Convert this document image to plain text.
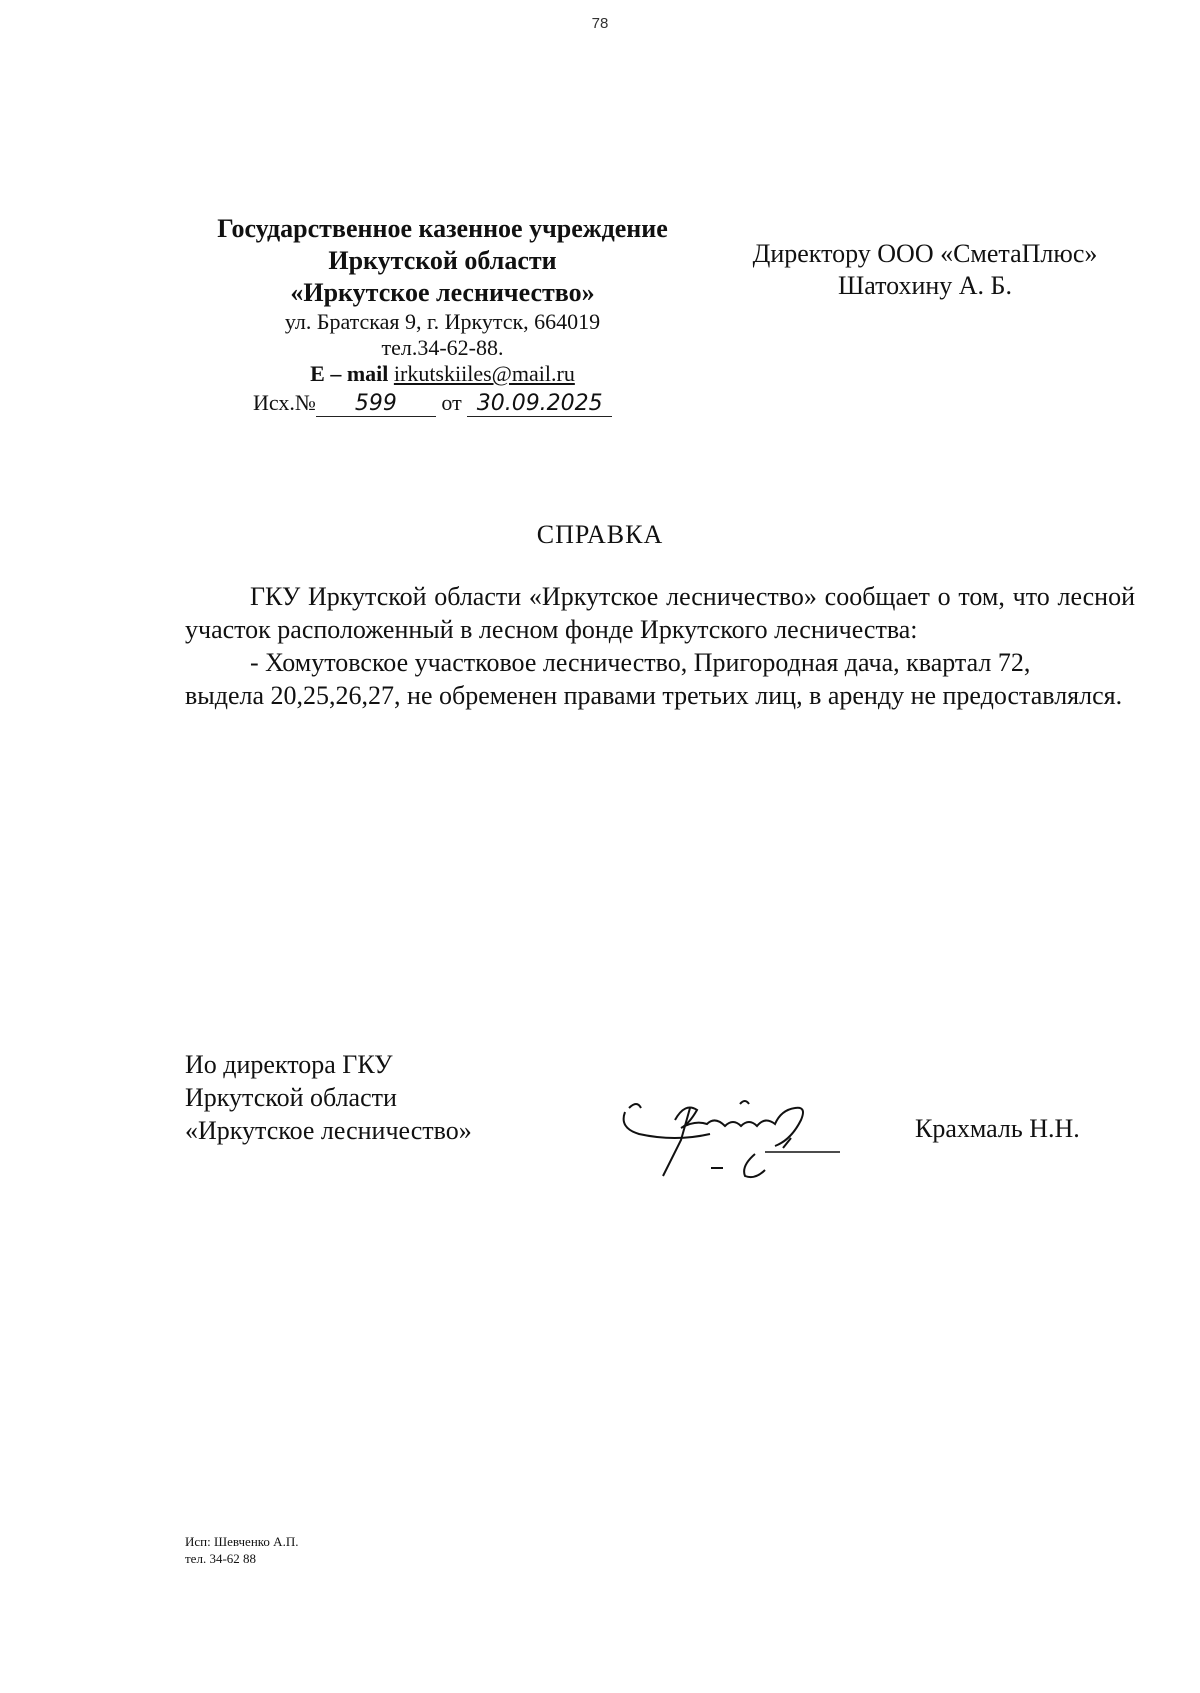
78
Государственное казенное учреждение
Иркутской области
«Иркутское лесничество»
ул. Братская 9, г. Иркутск, 664019
тел.34-62-88.
E – mail irkutskiiles@mail.ru
Исх.№ 599 от 30.09.2025
Директору ООО «СметаПлюс»
Шатохину А. Б.
СПРАВКА

ГКУ Иркутской области «Иркутское лесничество» сообщает о том, что лесной участок расположенный в лесном фонде Иркутского лесничества:

- Хомутовское участковое лесничество, Пригородная дача, квартал 72,

выдела 20,25,26,27, не обременен правами третьих лиц, в аренду не предоставлялся.

Ио директора ГКУ
Иркутской области
«Иркутское лесничество»	Крахмаль Н.Н.
Исп: Шевченко А.П.
тел. 34-62 88
